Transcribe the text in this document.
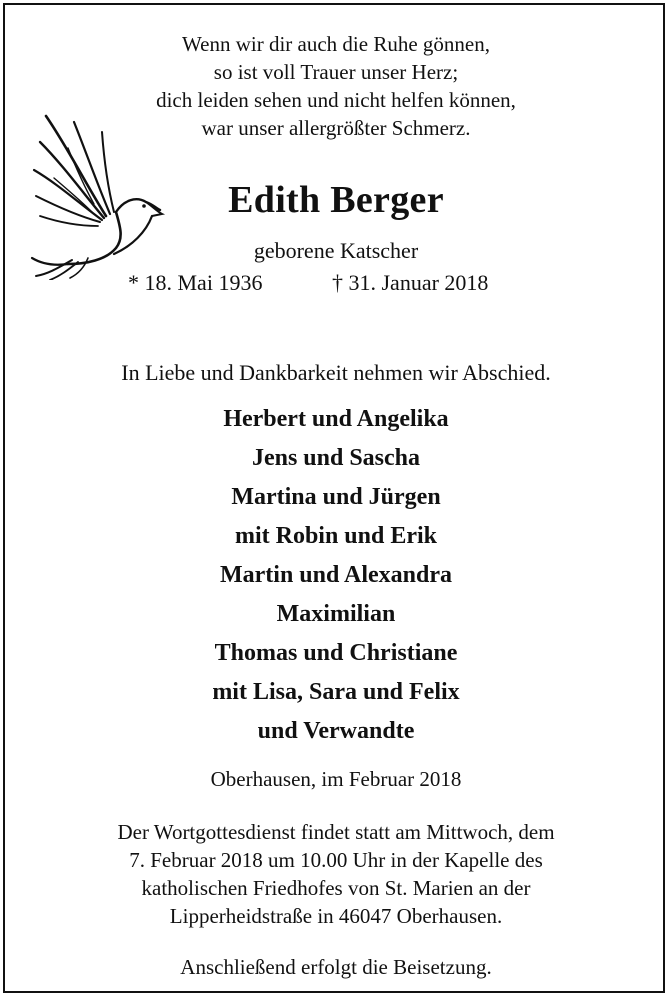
Wenn wir dir auch die Ruhe gönnen,
so ist voll Trauer unser Herz;
dich leiden sehen und nicht helfen können,
war unser allergrößter Schmerz.
Edith Berger
geborene Katscher
* 18. Mai 1936	† 31. Januar 2018
In Liebe und Dankbarkeit nehmen wir Abschied.
Herbert und Angelika
Jens und Sascha
Martina und Jürgen
mit Robin und Erik
Martin und Alexandra
Maximilian
Thomas und Christiane
mit Lisa, Sara und Felix
und Verwandte
Oberhausen, im Februar 2018
Der Wortgottesdienst findet statt am Mittwoch, dem
7. Februar 2018 um 10.00 Uhr in der Kapelle des
katholischen Friedhofes von St. Marien an der
Lipperheidstraße in 46047 Oberhausen.
Anschließend erfolgt die Beisetzung.
